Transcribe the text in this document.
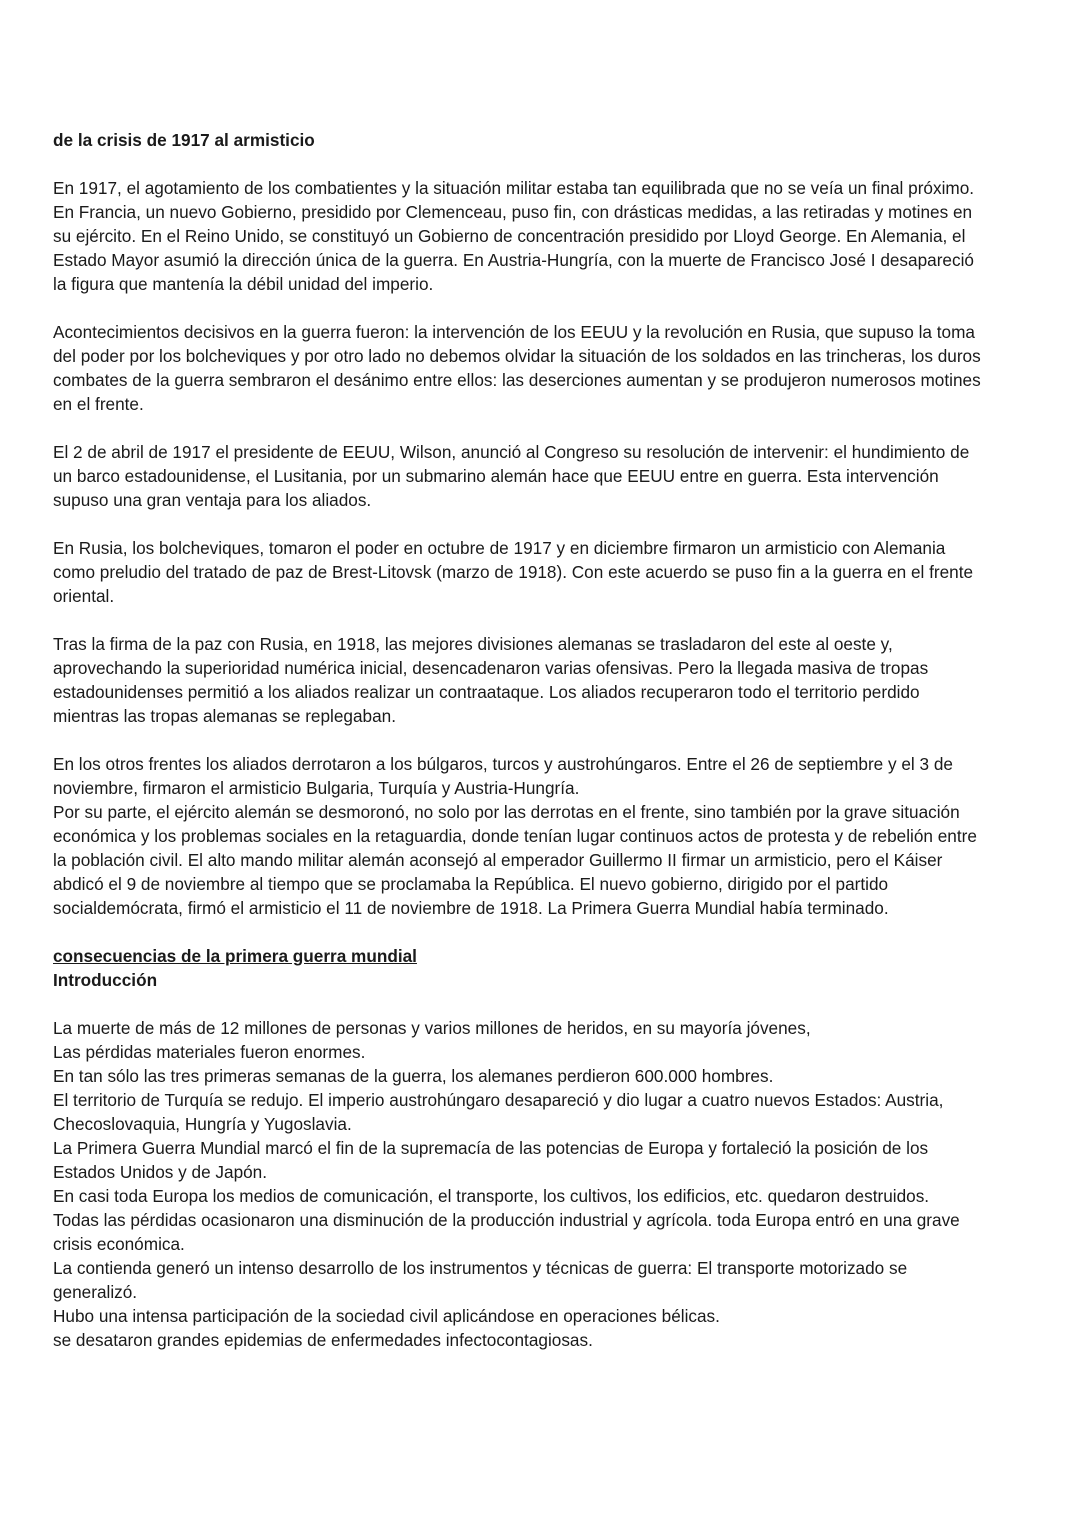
de la crisis de 1917 al armisticio
En 1917, el agotamiento de los combatientes y la situación militar estaba tan equilibrada que no se veía un final próximo.
En Francia, un nuevo Gobierno, presidido por Clemenceau, puso fin, con drásticas medidas, a las retiradas y motines en
su ejército. En el Reino Unido, se constituyó un Gobierno de concentración presidido por Lloyd George. En Alemania, el
Estado Mayor asumió la dirección única de la guerra. En Austria-Hungría, con la muerte de Francisco José I desapareció
la figura que mantenía la débil unidad del imperio.
Acontecimientos decisivos en la guerra fueron: la intervención de los EEUU y la revolución en Rusia, que supuso la toma
del poder por los bolcheviques y por otro lado no debemos olvidar la situación de los soldados en las trincheras, los duros
combates de la guerra sembraron el desánimo entre ellos: las deserciones aumentan y se produjeron numerosos motines
en el frente.
El 2 de abril de 1917 el presidente de EEUU, Wilson, anunció al Congreso su resolución de intervenir: el hundimiento de
un barco estadounidense, el Lusitania, por un submarino alemán hace que EEUU entre en guerra. Esta intervención
supuso una gran ventaja para los aliados.
En Rusia, los bolcheviques, tomaron el poder en octubre de 1917 y en diciembre firmaron un armisticio con Alemania
como preludio del tratado de paz de Brest-Litovsk (marzo de 1918). Con este acuerdo se puso fin a la guerra en el frente
oriental.
Tras la firma de la paz con Rusia, en 1918, las mejores divisiones alemanas se trasladaron del este al oeste y,
aprovechando la superioridad numérica inicial, desencadenaron varias ofensivas. Pero la llegada masiva de tropas
estadounidenses permitió a los aliados realizar un contraataque. Los aliados recuperaron todo el territorio perdido
mientras las tropas alemanas se replegaban.
En los otros frentes los aliados derrotaron a los búlgaros, turcos y austrohúngaros. Entre el 26 de septiembre y el 3 de
noviembre, firmaron el armisticio Bulgaria, Turquía y Austria-Hungría.
Por su parte, el ejército alemán se desmoronó, no solo por las derrotas en el frente, sino también por la grave situación
económica y los problemas sociales en la retaguardia, donde tenían lugar continuos actos de protesta y de rebelión entre
la población civil. El alto mando militar alemán aconsejó al emperador Guillermo II firmar un armisticio, pero el Káiser
abdicó el 9 de noviembre al tiempo que se proclamaba la República. El nuevo gobierno, dirigido por el partido
socialdemócrata, firmó el armisticio el 11 de noviembre de 1918. La Primera Guerra Mundial había terminado.
consecuencias de la primera guerra mundial
Introducción
La muerte de más de 12 millones de personas y varios millones de heridos, en su mayoría jóvenes,
Las pérdidas materiales fueron enormes.
En tan sólo las tres primeras semanas de la guerra, los alemanes perdieron 600.000 hombres.
El territorio de Turquía se redujo. El imperio austrohúngaro desapareció y dio lugar a cuatro nuevos Estados: Austria,
Checoslovaquia, Hungría y Yugoslavia.
La Primera Guerra Mundial marcó el fin de la supremacía de las potencias de Europa y fortaleció la posición de los
Estados Unidos y de Japón.
En casi toda Europa los medios de comunicación, el transporte, los cultivos, los edificios, etc. quedaron destruidos.
Todas las pérdidas ocasionaron una disminución de la producción industrial y agrícola. toda Europa entró en una grave
crisis económica.
La contienda generó un intenso desarrollo de los instrumentos y técnicas de guerra: El transporte motorizado se
generalizó.
Hubo una intensa participación de la sociedad civil aplicándose en operaciones bélicas.
se desataron grandes epidemias de enfermedades infectocontagiosas.
